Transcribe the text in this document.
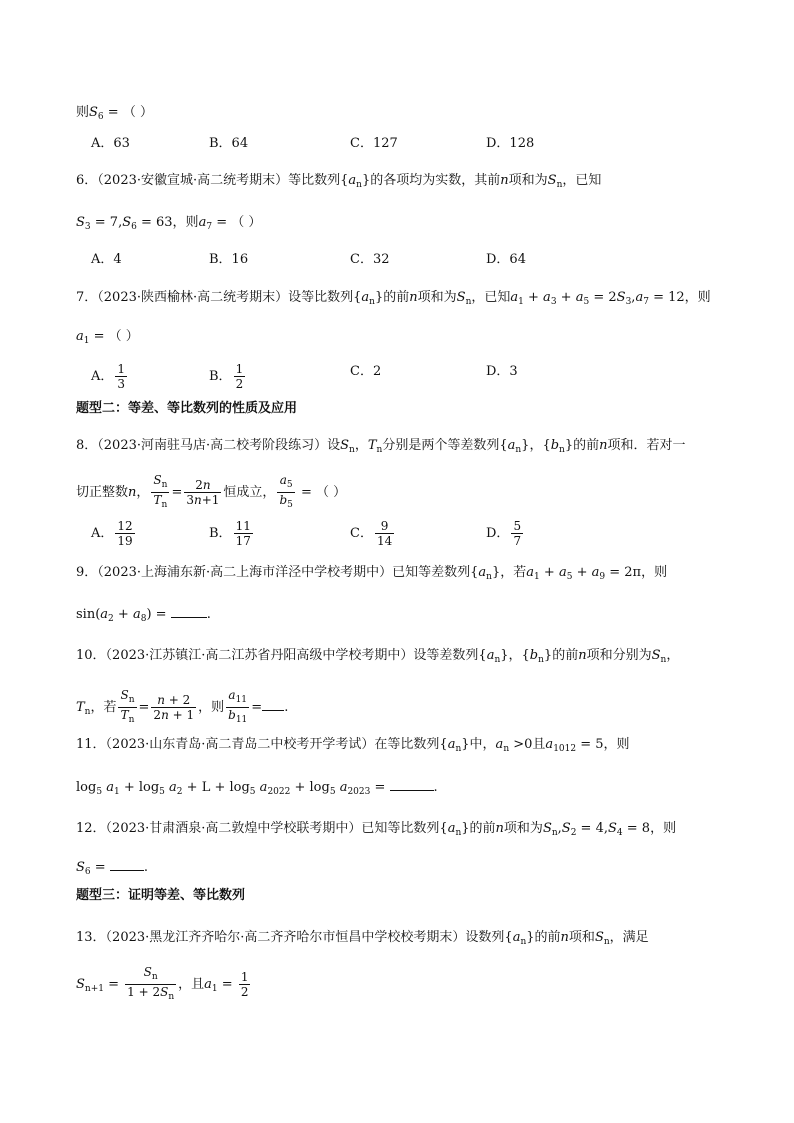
则$S_6$ = （ ）
A．63	B．64	C．127	D．128
6．（2023·安徽宣城·高二统考期末）等比数列$\{a_n\}$的各项均为实数，其前n项和为$S_n$，已知
$S_3 = 7,S_6 = 63$，则$a_7$ = （ ）
A．4	B．16	C．32	D．64
7．（2023·陕西榆林·高二统考期末）设等比数列$\{a_n\}$的前n项和为$S_n$，已知$a_1 + a_3 + a_5 = 2S_3,a_7 = 12$，则
$a_1$ = （ ）
A． $\frac{1}{3}$	B． $\frac{1}{2}$	C．2	D．3
题型二：等差、等比数列的性质及应用
8．（2023·河南驻马店·高二校考阶段练习）设$S_n$，$T_n$分别是两个等差数列$\{a_n\}$，$\{b_n\}$的前n项和．若对一
切正整数n， $\frac{S_n}{T_n} = \frac{2n}{3n+1}$ 恒成立， $\frac{a_5}{b_5}$ = （ ）
A． $\frac{12}{19}$	B． $\frac{11}{17}$	C． $\frac{9}{14}$	D． $\frac{5}{7}$
9．（2023·上海浦东新·高二上海市洋泾中学校考期中）已知等差数列$\{a_n\}$，若$a_1 + a_5 + a_9 = 2\pi$，则
$\sin(a_2 + a_8)$ =	.
10．（2023·江苏镇江·高二江苏省丹阳高级中学校考期中）设等差数列$\{a_n\}$，$\{b_n\}$的前n项和分别为$S_n$，
$T_n$，若 $\frac{S_n}{T_n} = \frac{n + 2}{2n + 1}$ ，则 $\frac{a_{11}}{b_{11}}$ = .
11．（2023·山东青岛·高二青岛二中校考开学考试）在等比数列$\{a_n\}$中，$a_n >0$且$a_{1012} = 5$，则
$\log_5 a_1 + \log_5 a_2 + L + \log_5 a_{2022} + \log_5 a_{2023}$ =	.
12．（2023·甘肃酒泉·高二敦煌中学校联考期中）已知等比数列$\{a_n\}$的前n项和为$S_n,S_2 = 4,S_4 = 8$，则
$S_6$ =	.
题型三：证明等差、等比数列
13．（2023·黑龙江齐齐哈尔·高二齐齐哈尔市恒昌中学校校考期末）设数列$\{a_n\}$的前n项和$S_n$，满足
$S_{n+1} = \frac{S_n}{1 + 2S_n}$ ，且$a_1 = \frac{1}{2}$
